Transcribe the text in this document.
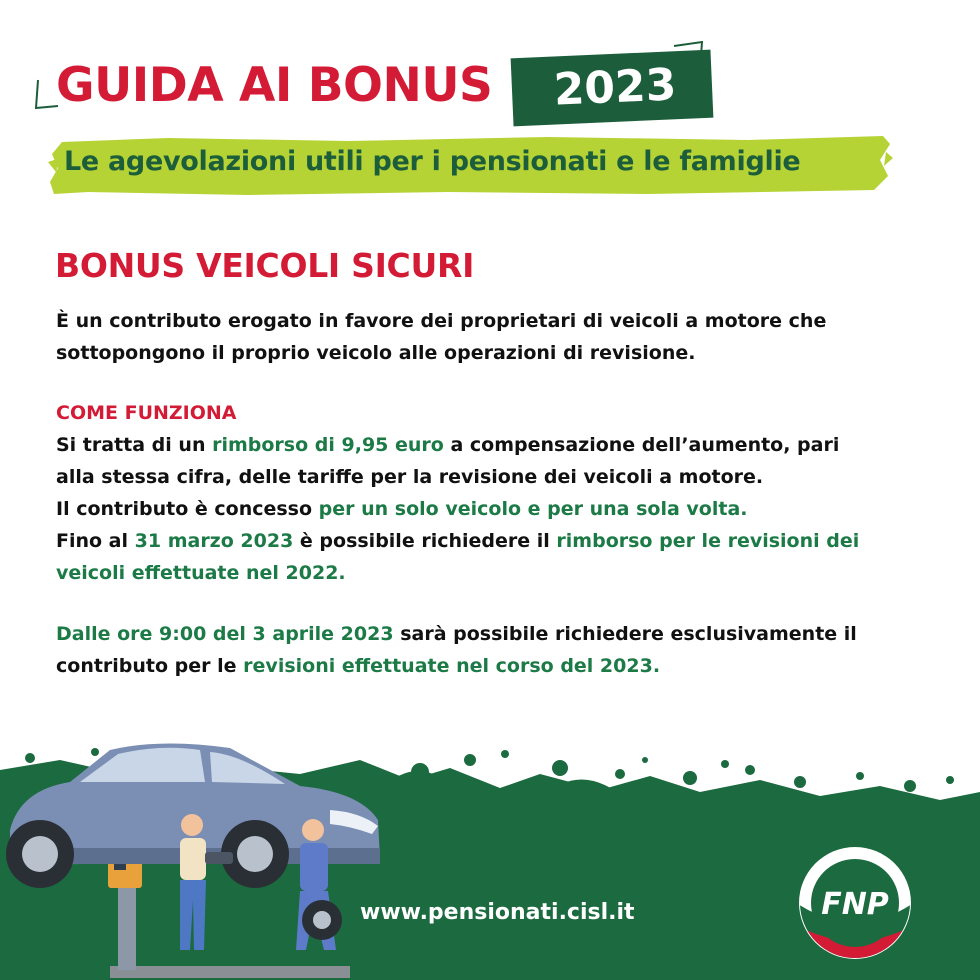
GUIDA AI BONUS	2023

Le agevolazioni utili per i pensionati e le famiglie

BONUS VEICOLI SICURI

È un contributo erogato in favore dei proprietari di veicoli a motore che
sottopongono il proprio veicolo alle operazioni di revisione.

COME FUNZIONA
Si tratta di un rimborso di 9,95 euro a compensazione dell’aumento, pari
alla stessa cifra, delle tariffe per la revisione dei veicoli a motore.
Il contributo è concesso per un solo veicolo e per una sola volta.
Fino al 31 marzo 2023 è possibile richiedere il rimborso per le revisioni dei
veicoli effettuate nel 2022.

Dalle ore 9:00 del 3 aprile 2023 sarà possibile richiedere esclusivamente il
contributo per le revisioni effettuate nel corso del 2023.

www.pensionati.cisl.it	FNP
